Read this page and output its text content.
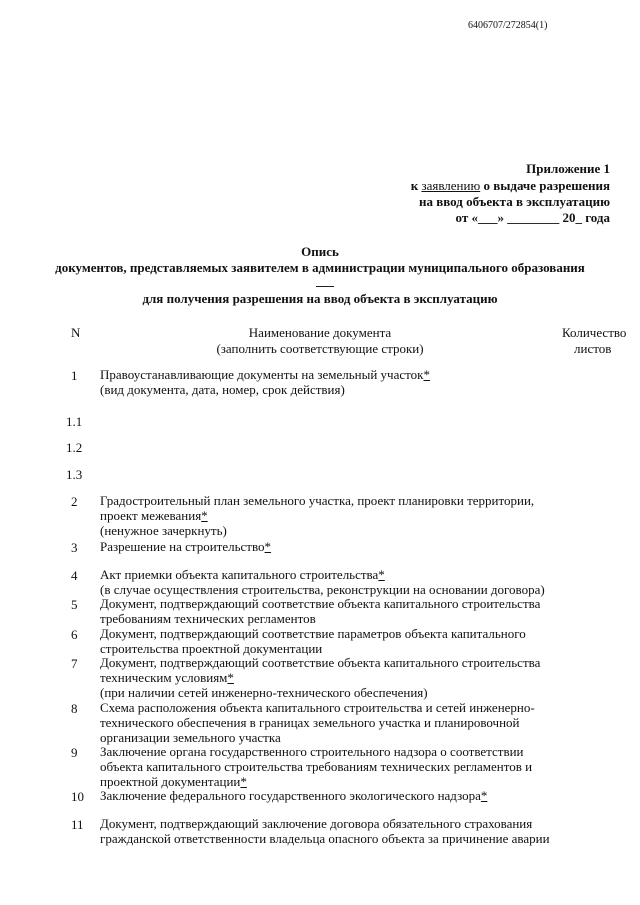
6406707/272854(1)
Приложение 1
к заявлению о выдаче разрешения
на ввод объекта в эксплуатацию
от «___» ________ 20_ года
Опись
документов, представляемых заявителем в администрации муниципального образования
для получения разрешения на ввод объекта в эксплуатацию
N	Наименование документа
(заполнить соответствующие строки)
Количество
листов
1 Правоустанавливающие документы на земельный участок*
(вид документа, дата, номер, срок действия)
1.1
1.2
1.3
2 Градостроительный план земельного участка, проект планировки территории,
проект межевания*
(ненужное зачеркнуть)
3 Разрешение на строительство*
4 Акт приемки объекта капитального строительства*
(в случае осуществления строительства, реконструкции на основании договора)
5 Документ, подтверждающий соответствие объекта капитального строительства
требованиям технических регламентов
6 Документ, подтверждающий соответствие параметров объекта капитального
строительства проектной документации
7 Документ, подтверждающий соответствие объекта капитального строительства
техническим условиям*
(при наличии сетей инженерно-технического обеспечения)
8 Схема расположения объекта капитального строительства и сетей инженерно-
технического обеспечения в границах земельного участка и планировочной
организации земельного участка
9 Заключение органа государственного строительного надзора о соответствии
объекта капитального строительства требованиям технических регламентов и
проектной документации*
10 Заключение федерального государственного экологического надзора*
11 Документ, подтверждающий заключение договора обязательного страхования
гражданской ответственности владельца опасного объекта за причинение аварии
